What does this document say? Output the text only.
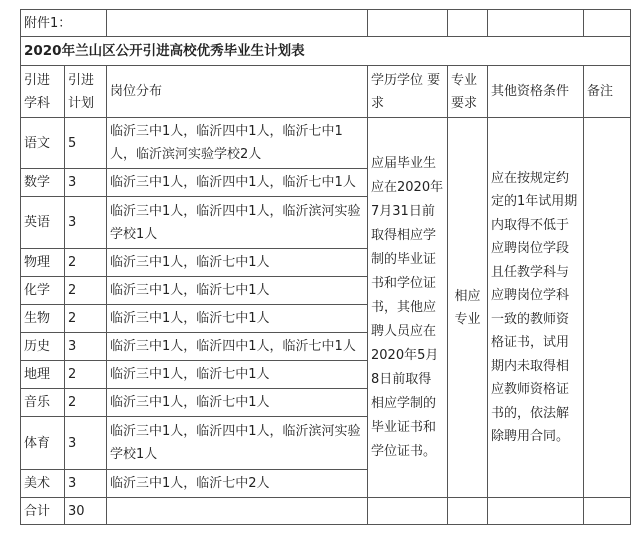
附件1：						
2020年兰山区公开引进高校优秀毕业生计划表						
引进学科	引进计划	岗位分布	学历学位 要求	专业要求	其他资格条件	备注
语文	5	临沂三中1人，临沂四中1人，临沂七中1人，临沂滨河实验学校2人	应届毕业生应在2020年7月31日前取得相应学制的毕业证书和学位证书，其他应聘人员应在2020年5月8日前取得相应学制的毕业证书和学位证书。	相应专业	应在按规定约定的1年试用期内取得不低于应聘岗位学段且任教学科与应聘岗位学科一致的教师资格证书，试用期内未取得相应教师资格证书的，依法解除聘用合同。	
数学	3	临沂三中1人，临沂四中1人，临沂七中1人				
英语	3	临沂三中1人，临沂四中1人，临沂滨河实验学校1人				
物理	2	临沂三中1人，临沂七中1人				
化学	2	临沂三中1人，临沂七中1人				
生物	2	临沂三中1人，临沂七中1人				
历史	3	临沂三中1人，临沂四中1人，临沂七中1人				
地理	2	临沂三中1人，临沂七中1人				
音乐	2	临沂三中1人，临沂七中1人				
体育	3	临沂三中1人，临沂四中1人，临沂滨河实验学校1人				
美术	3	临沂三中1人，临沂七中2人				
合计	30					
